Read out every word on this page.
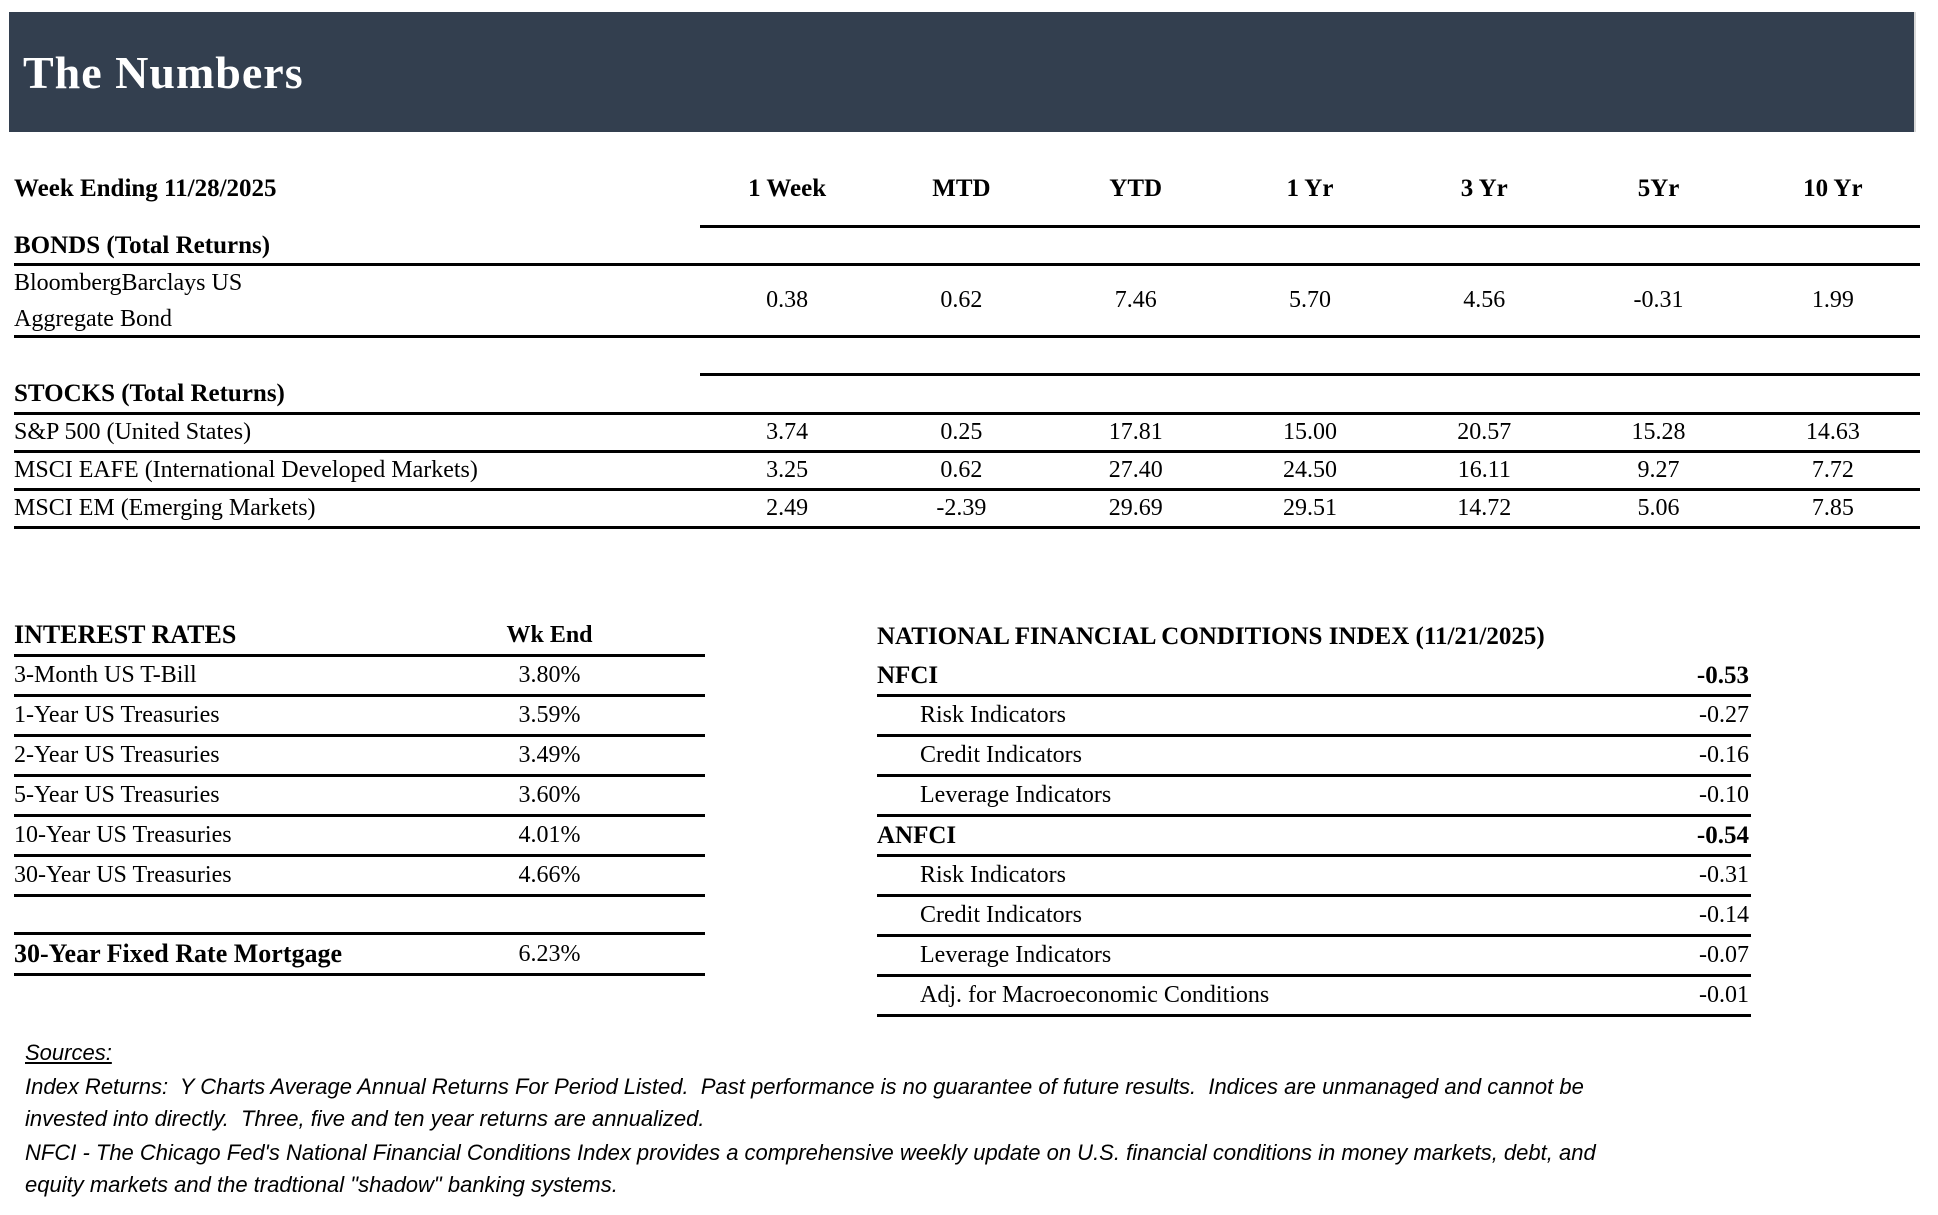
The Numbers
Week Ending 11/28/2025	1 Week	MTD	YTD	1 Yr	3 Yr	5Yr	10 Yr
BONDS (Total Returns)
BloombergBarclays US
Aggregate Bond
0.38	0.62	7.46	5.70	4.56	-0.31	1.99
STOCKS (Total Returns)
S&P 500 (United States)	3.74	0.25	17.81	15.00	20.57	15.28	14.63
MSCI EAFE (International Developed Markets)	3.25	0.62	27.40	24.50	16.11	9.27	7.72
MSCI EM (Emerging Markets)	2.49	-2.39	29.69	29.51	14.72	5.06	7.85
INTEREST RATES	Wk End
3-Month US T-Bill	3.80%
1-Year US Treasuries	3.59%
2-Year US Treasuries	3.49%
5-Year US Treasuries	3.60%
10-Year US Treasuries	4.01%
30-Year US Treasuries	4.66%
30-Year Fixed Rate Mortgage	6.23%
NATIONAL FINANCIAL CONDITIONS INDEX (11/21/2025)
NFCI	-0.53
Risk Indicators	-0.27
Credit Indicators	-0.16
Leverage Indicators	-0.10
ANFCI	-0.54
Risk Indicators	-0.31
Credit Indicators	-0.14
Leverage Indicators	-0.07
Adj. for Macroeconomic Conditions	-0.01
Sources:
Index Returns:  Y Charts Average Annual Returns For Period Listed.  Past performance is no guarantee of future results.  Indices are unmanaged and cannot be
invested into directly.  Three, five and ten year returns are annualized.
NFCI - The Chicago Fed's National Financial Conditions Index provides a comprehensive weekly update on U.S. financial conditions in money markets, debt, and
equity markets and the tradtional "shadow" banking systems.
